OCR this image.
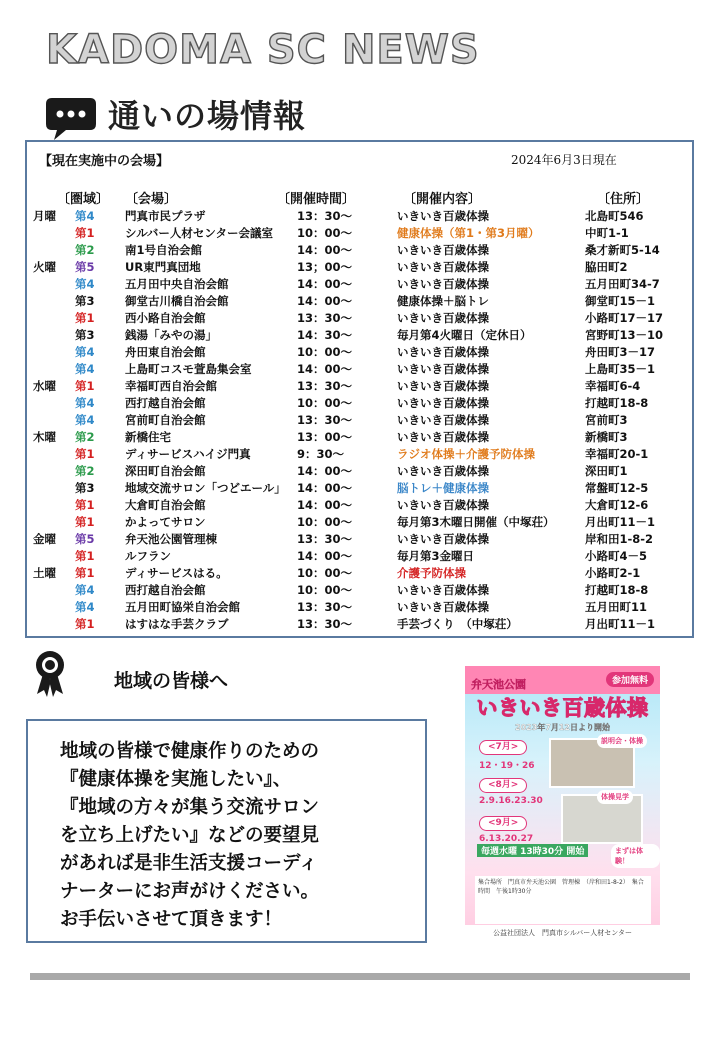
KADOMA SC NEWS
通いの場情報
【現在実施中の会場】	2024年6月3日現在
〔圏域〕 〔会場〕	〔開催時間〕	〔開催内容〕	〔住所〕
月曜 第4	門真市民プラザ	13：30～	いきいき百歳体操	北島町546
第1	シルバー人材センター会議室 10：00～	健康体操（第1・第3月曜）	中町1-1
第2	南1号自治会館	14：00～	いきいき百歳体操	桑才新町5-14
火曜 第5	UR東門真団地	13；00～	いきいき百歳体操	脇田町2
第4	五月田中央自治会館	14：00～	いきいき百歳体操	五月田町34-7
第3	御堂古川橋自治会館	14：00～	健康体操＋脳トレ	御堂町15－1
第1	西小路自治会館	13：30～	いきいき百歳体操	小路町17－17
第3	銭湯「みやの湯」	14：30～	毎月第4火曜日（定休日）	宮野町13－10
第4	舟田東自治会館	10：00～	いきいき百歳体操	舟田町3－17
第4	上島町コスモ萱島集会室	14：00～	いきいき百歳体操	上島町35－1
水曜 第1	幸福町西自治会館	13：30～	いきいき百歳体操	幸福町6-4
第4	西打越自治会館	10：00～	いきいき百歳体操	打越町18-8
第4	宮前町自治会館	13：30～	いきいき百歳体操	宮前町3
木曜 第2	新橋住宅	13：00～	いきいき百歳体操	新橋町3
第1	ディサービスハイジ門真	9：30～	ラジオ体操＋介護予防体操	幸福町20-1
第2	深田町自治会館	14：00～	いきいき百歳体操	深田町1
第3	地域交流サロン「つどエール」 14：00～	脳トレ＋健康体操	常盤町12-5
第1	大倉町自治会館	14：00～	いきいき百歳体操	大倉町12-6
第1	かよってサロン	10：00～	毎月第3木曜日開催（中塚荘）	月出町11－1
金曜 第5	弁天池公園管理棟	13：30～	いきいき百歳体操	岸和田1-8-2
第1	ルフラン	14：00～	毎月第3金曜日	小路町4－5
土曜 第1	ディサービスはる。	10：00～	介護予防体操	小路町2-1
第4	西打越自治会館	10：00～	いきいき百歳体操	打越町18-8
第4	五月田町協栄自治会館	13：30～	いきいき百歳体操	五月田町11
第1	はすはな手芸クラブ	13：30～	手芸づくり　（中塚荘）	月出町11－1
地域の皆様へ
地域の皆様で健康作りのための
『健康体操を実施したい』、
『地域の方々が集う交流サロン
を立ち上げたい』などの要望見
があれば是非生活支援コーディ
ナーターにお声がけください。
お手伝いさせて頂きます！
弁天池公園	参加無料
いきいき百歳体操
2023年7月12日より開始
<7月>
12・19・26
<8月>
2.9.16.23.30
<9月>
6.13.20.27
説明会・体操
体操見学
まずは体験！
毎週水曜 13時30分 開始
集合場所　門真市弁天池公園　管理棟　（岸和田1-8-2）　集合時間　午後1時30分
公益社団法人　門真市シルバー人材センター
